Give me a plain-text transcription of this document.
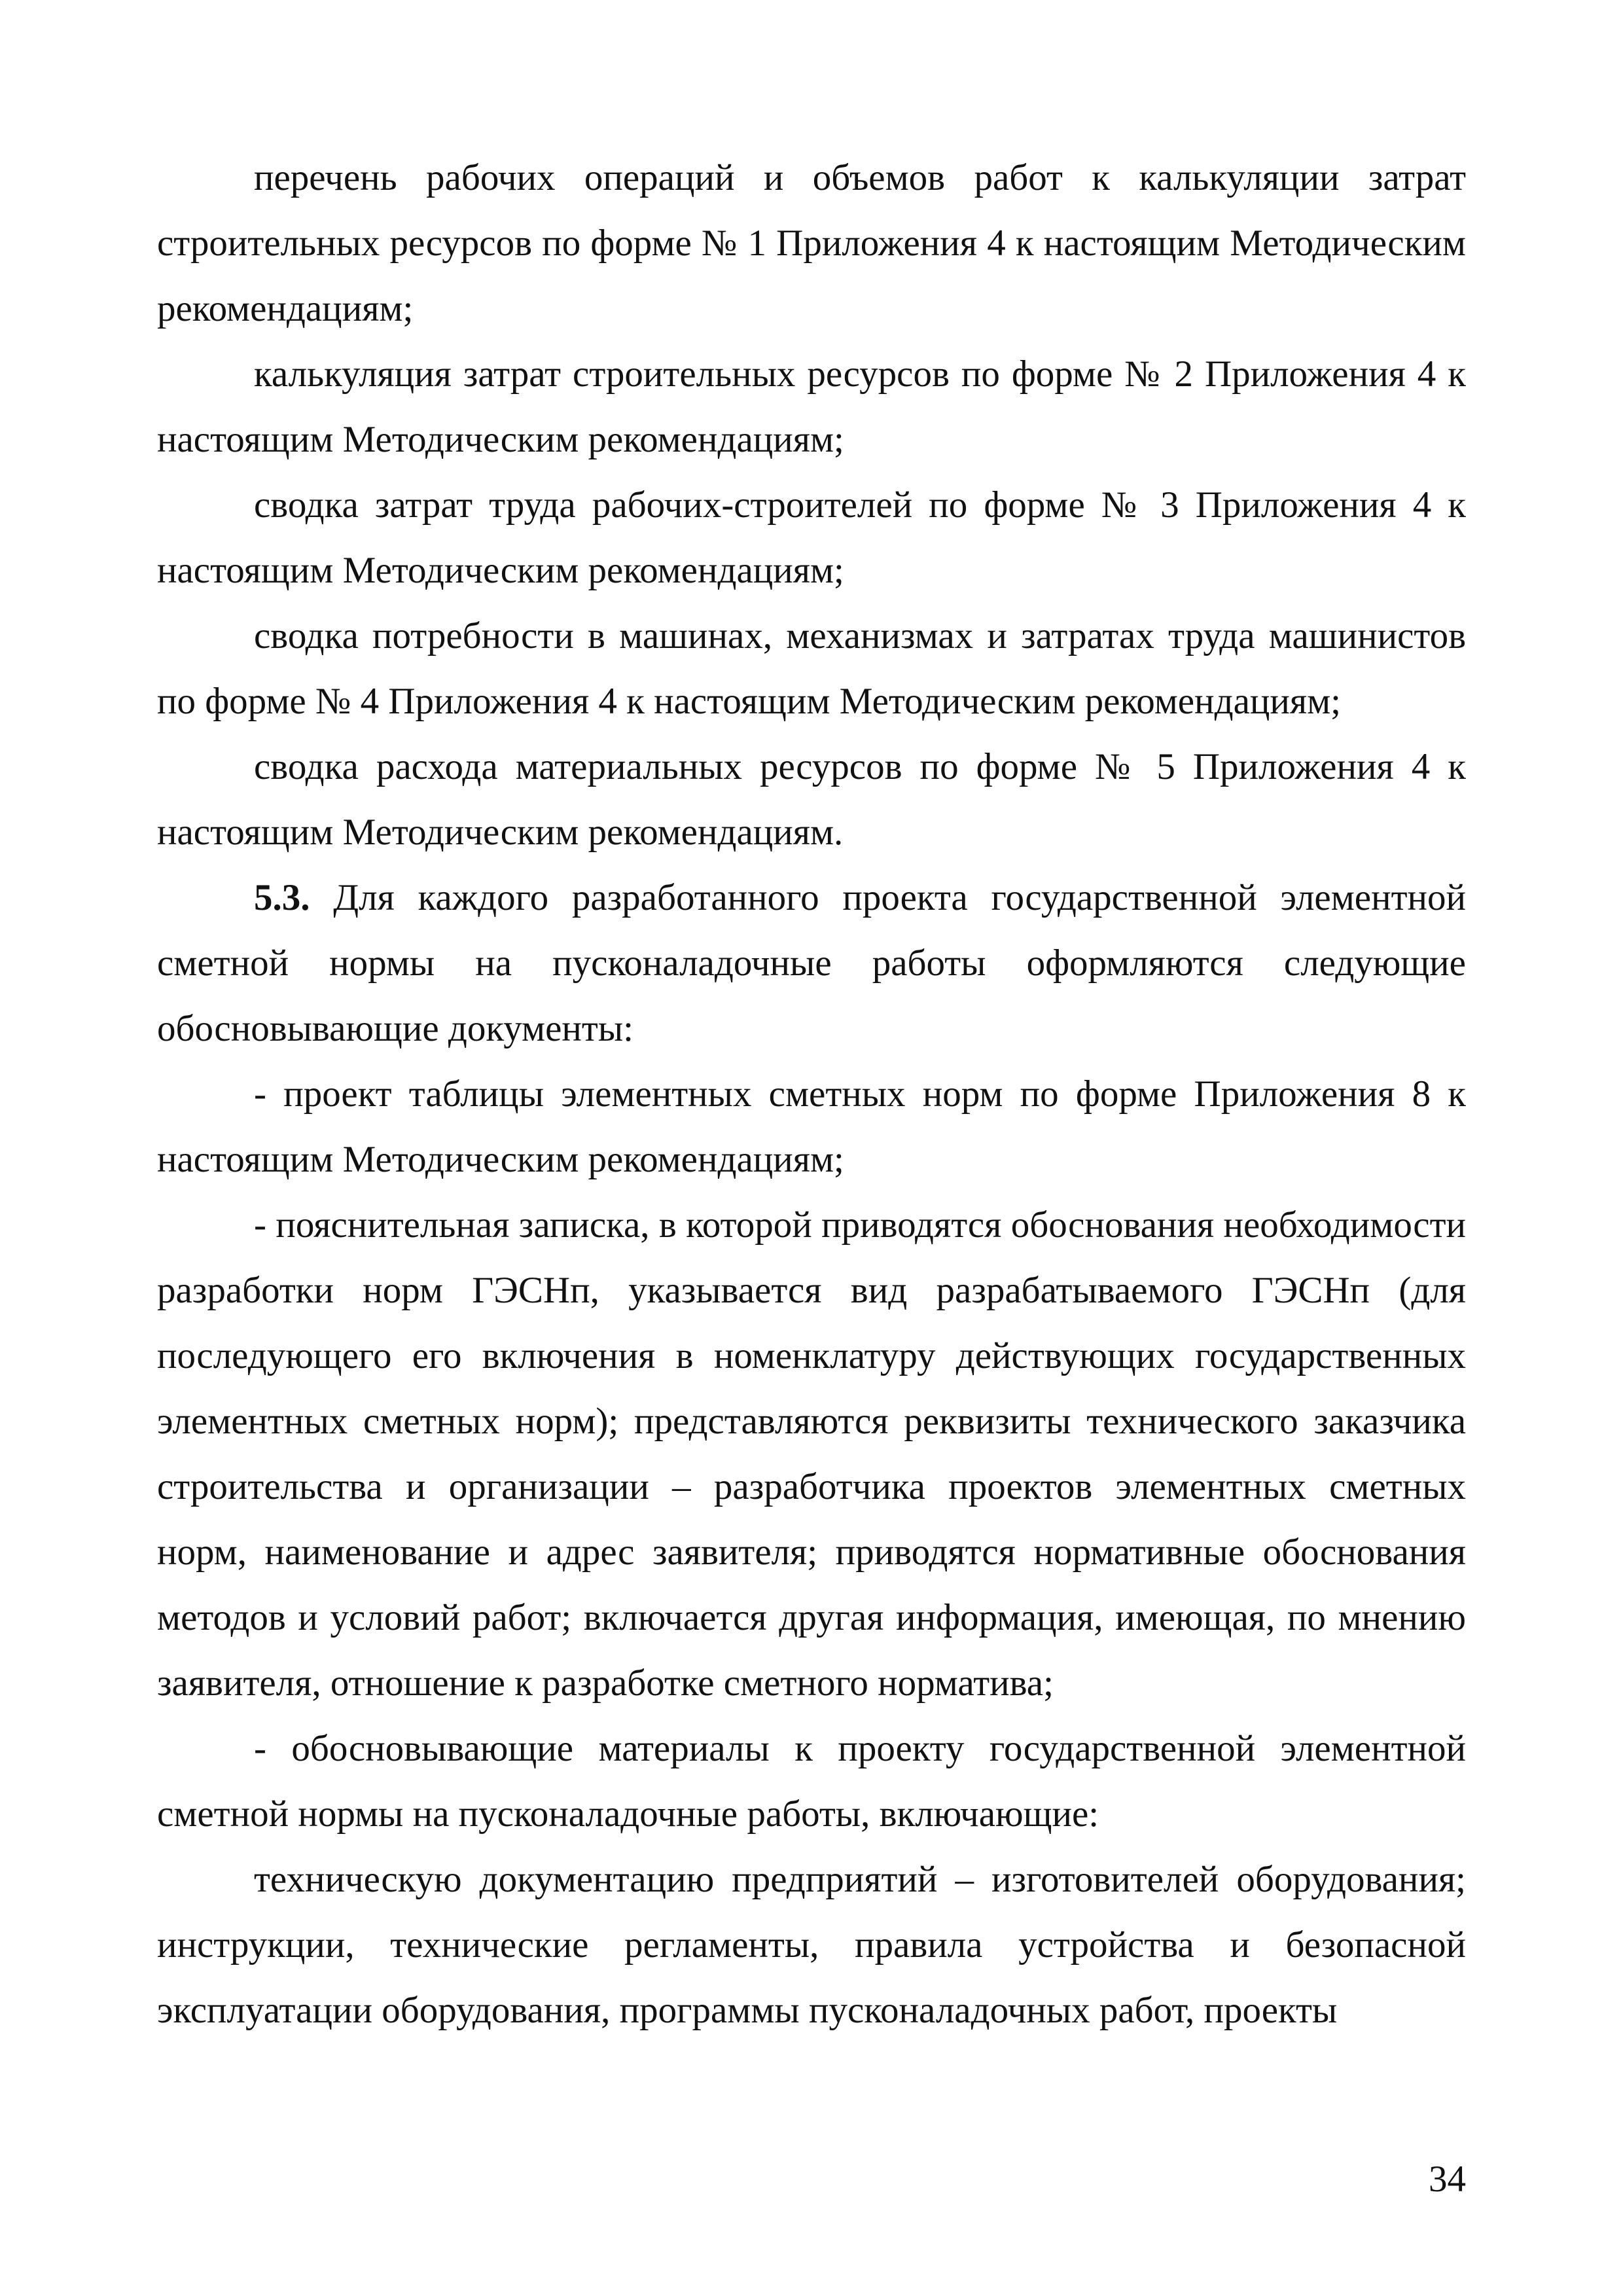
перечень рабочих операций и объемов работ к калькуляции затрат строительных ресурсов по форме № 1 Приложения 4 к настоящим Методическим рекомендациям;

калькуляция затрат строительных ресурсов по форме № 2 Приложения 4 к настоящим Методическим рекомендациям;

сводка затрат труда рабочих-строителей по форме № 3 Приложения 4 к настоящим Методическим рекомендациям;

сводка потребности в машинах, механизмах и затратах труда машинистов по форме № 4 Приложения 4 к настоящим Методическим рекомендациям;

сводка расхода материальных ресурсов по форме № 5 Приложения 4 к настоящим Методическим рекомендациям.

5.3. Для каждого разработанного проекта государственной элементной сметной нормы на пусконаладочные работы оформляются следующие обосновывающие документы:

- проект таблицы элементных сметных норм по форме Приложения 8 к настоящим Методическим рекомендациям;

- пояснительная записка, в которой приводятся обоснования необходимости разработки норм ГЭСНп, указывается вид разрабатываемого ГЭСНп (для последующего его включения в номенклатуру действующих государственных элементных сметных норм); представляются реквизиты технического заказчика строительства и организации – разработчика проектов элементных сметных норм, наименование и адрес заявителя; приводятся нормативные обоснования методов и условий работ; включается другая информация, имеющая, по мнению заявителя, отношение к разработке сметного норматива;

- обосновывающие материалы к проекту государственной элементной сметной нормы на пусконаладочные работы, включающие:

техническую документацию предприятий – изготовителей оборудования; инструкции, технические регламенты, правила устройства и безопасной эксплуатации оборудования, программы пусконаладочных работ, проекты

34
